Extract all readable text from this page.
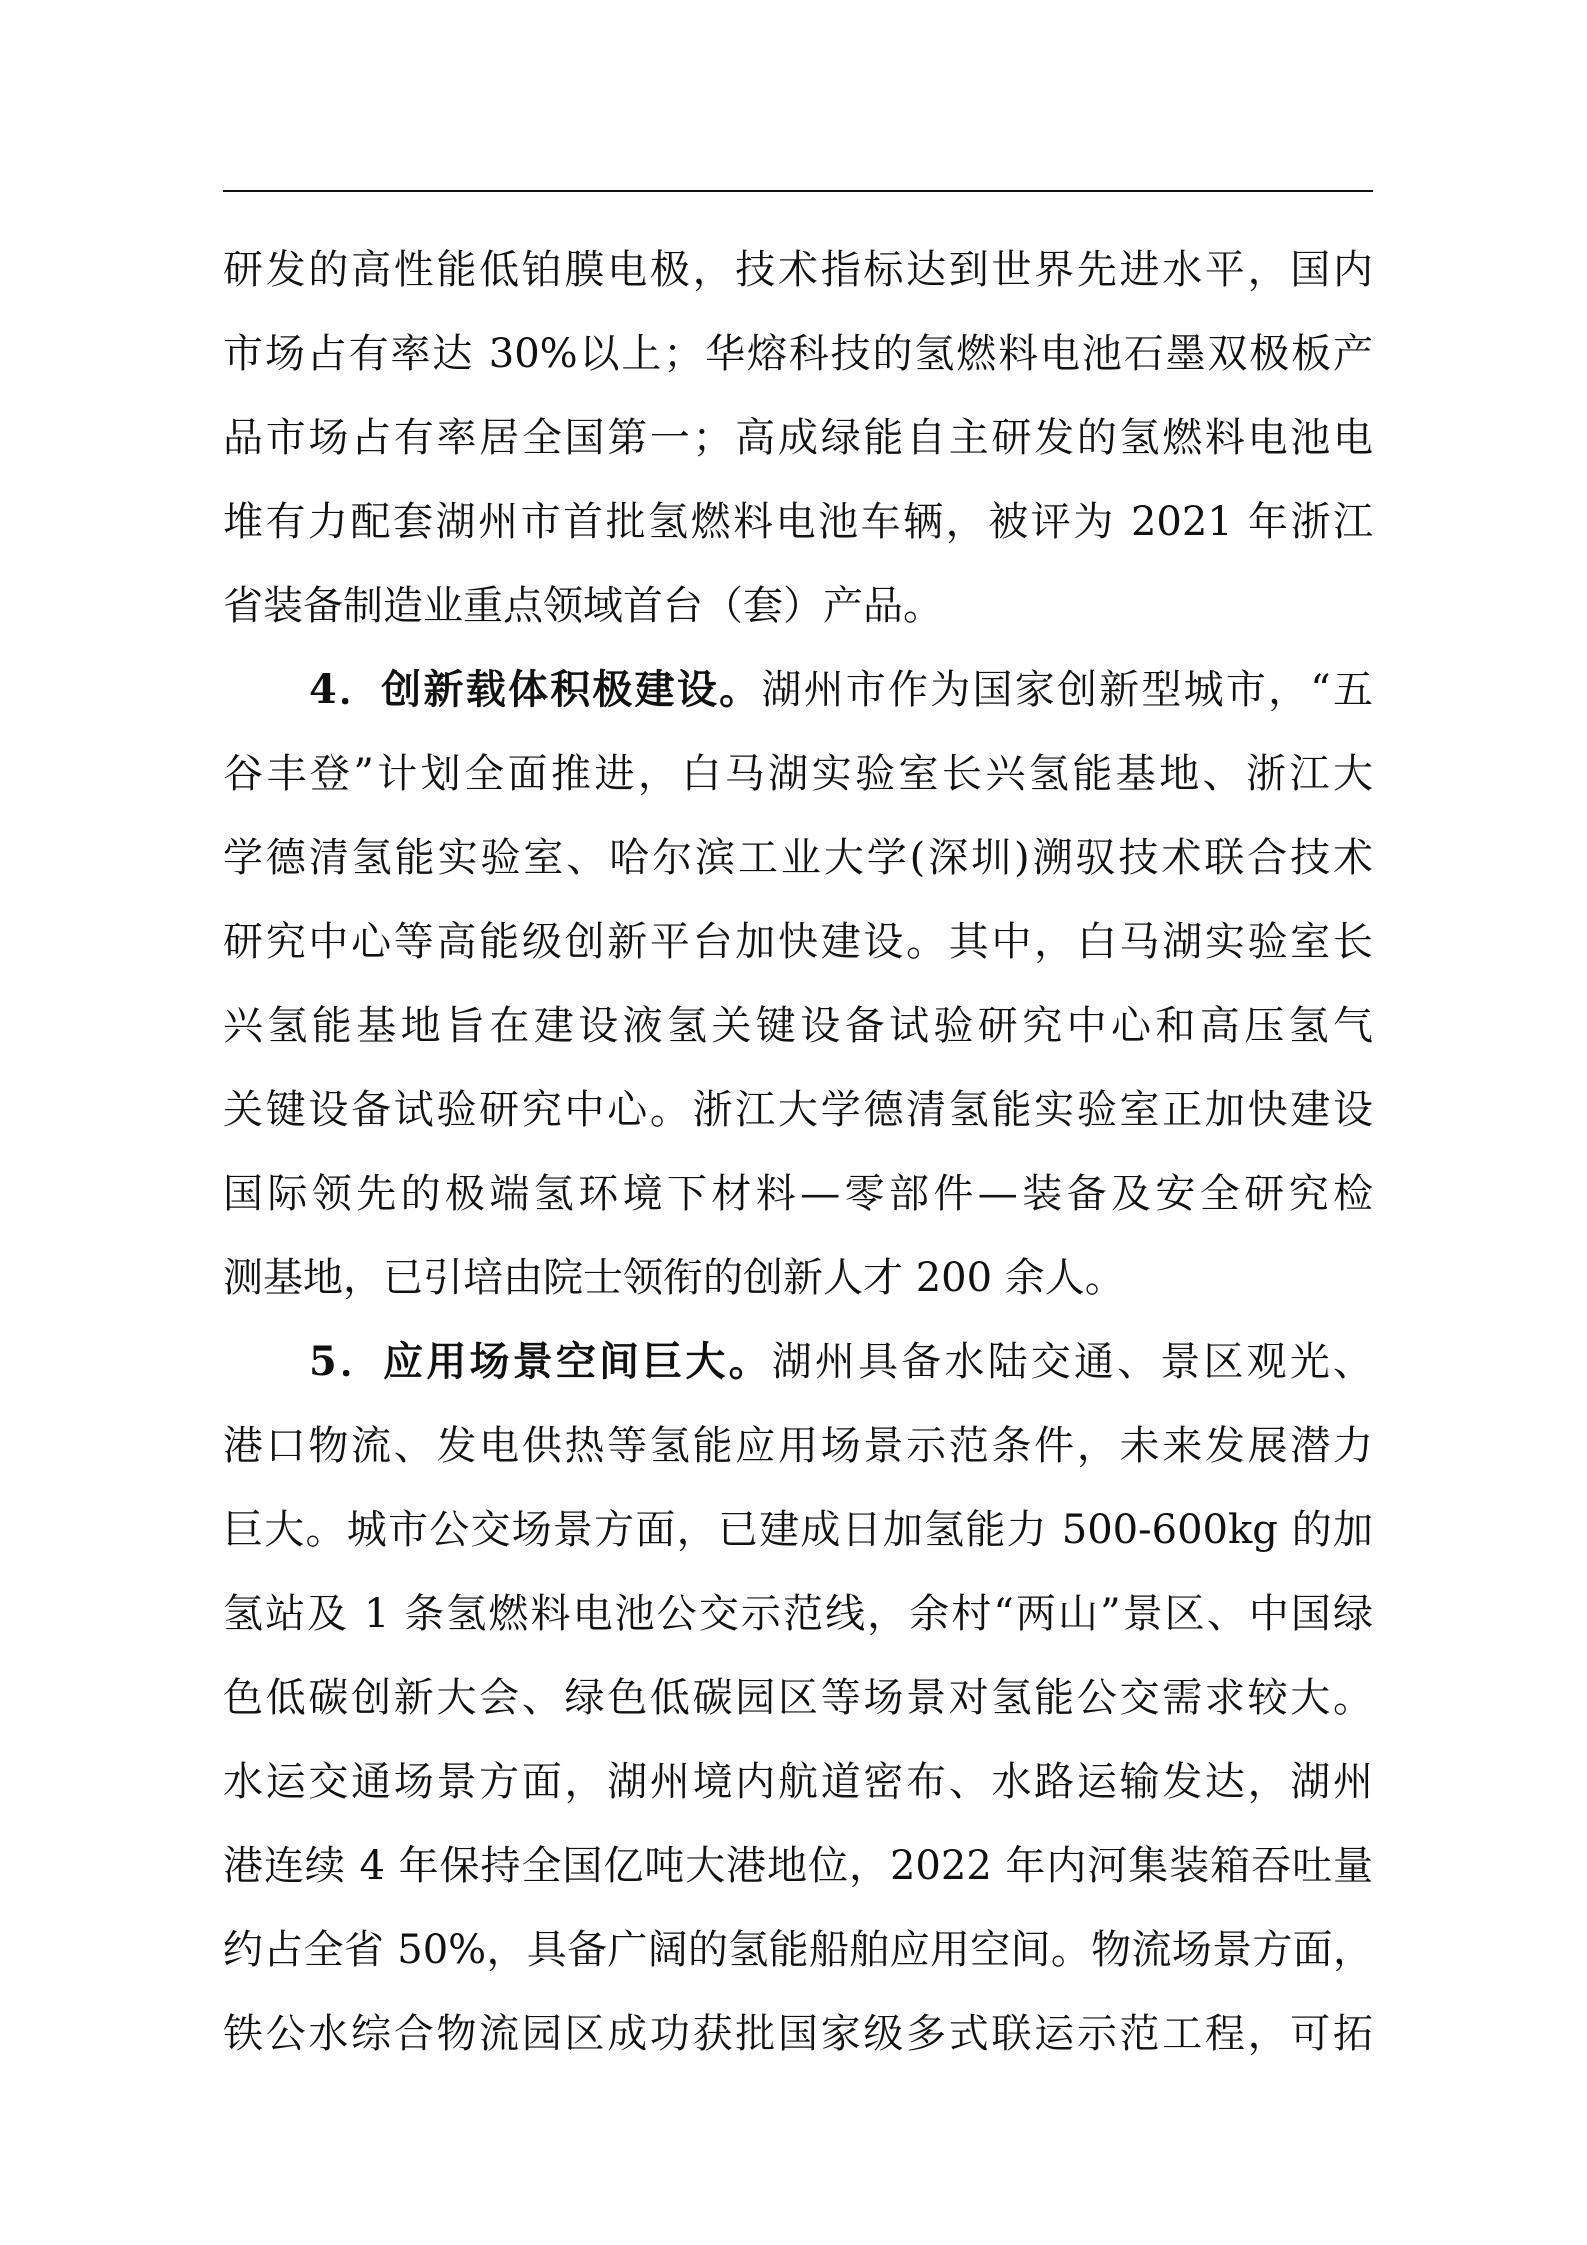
研发的高性能低铂膜电极，技术指标达到世界先进水平，国内
市场占有率达 30%以上；华熔科技的氢燃料电池石墨双极板产
品市场占有率居全国第一；高成绿能自主研发的氢燃料电池电
堆有力配套湖州市首批氢燃料电池车辆，被评为 2021 年浙江
省装备制造业重点领域首台（套）产品。
4．创新载体积极建设。湖州市作为国家创新型城市，“五
谷丰登”计划全面推进，白马湖实验室长兴氢能基地、浙江大
学德清氢能实验室、哈尔滨工业大学(深圳)溯驭技术联合技术
研究中心等高能级创新平台加快建设。其中，白马湖实验室长
兴氢能基地旨在建设液氢关键设备试验研究中心和高压氢气
关键设备试验研究中心。浙江大学德清氢能实验室正加快建设
国际领先的极端氢环境下材料—零部件—装备及安全研究检
测基地，已引培由院士领衔的创新人才 200 余人。
5．应用场景空间巨大。湖州具备水陆交通、景区观光、
港口物流、发电供热等氢能应用场景示范条件，未来发展潜力
巨大。城市公交场景方面，已建成日加氢能力 500-600kg 的加
氢站及 1 条氢燃料电池公交示范线，余村“两山”景区、中国绿
色低碳创新大会、绿色低碳园区等场景对氢能公交需求较大。
水运交通场景方面，湖州境内航道密布、水路运输发达，湖州
港连续 4 年保持全国亿吨大港地位，2022 年内河集装箱吞吐量
约占全省 50%，具备广阔的氢能船舶应用空间。物流场景方面，
铁公水综合物流园区成功获批国家级多式联运示范工程，可拓
